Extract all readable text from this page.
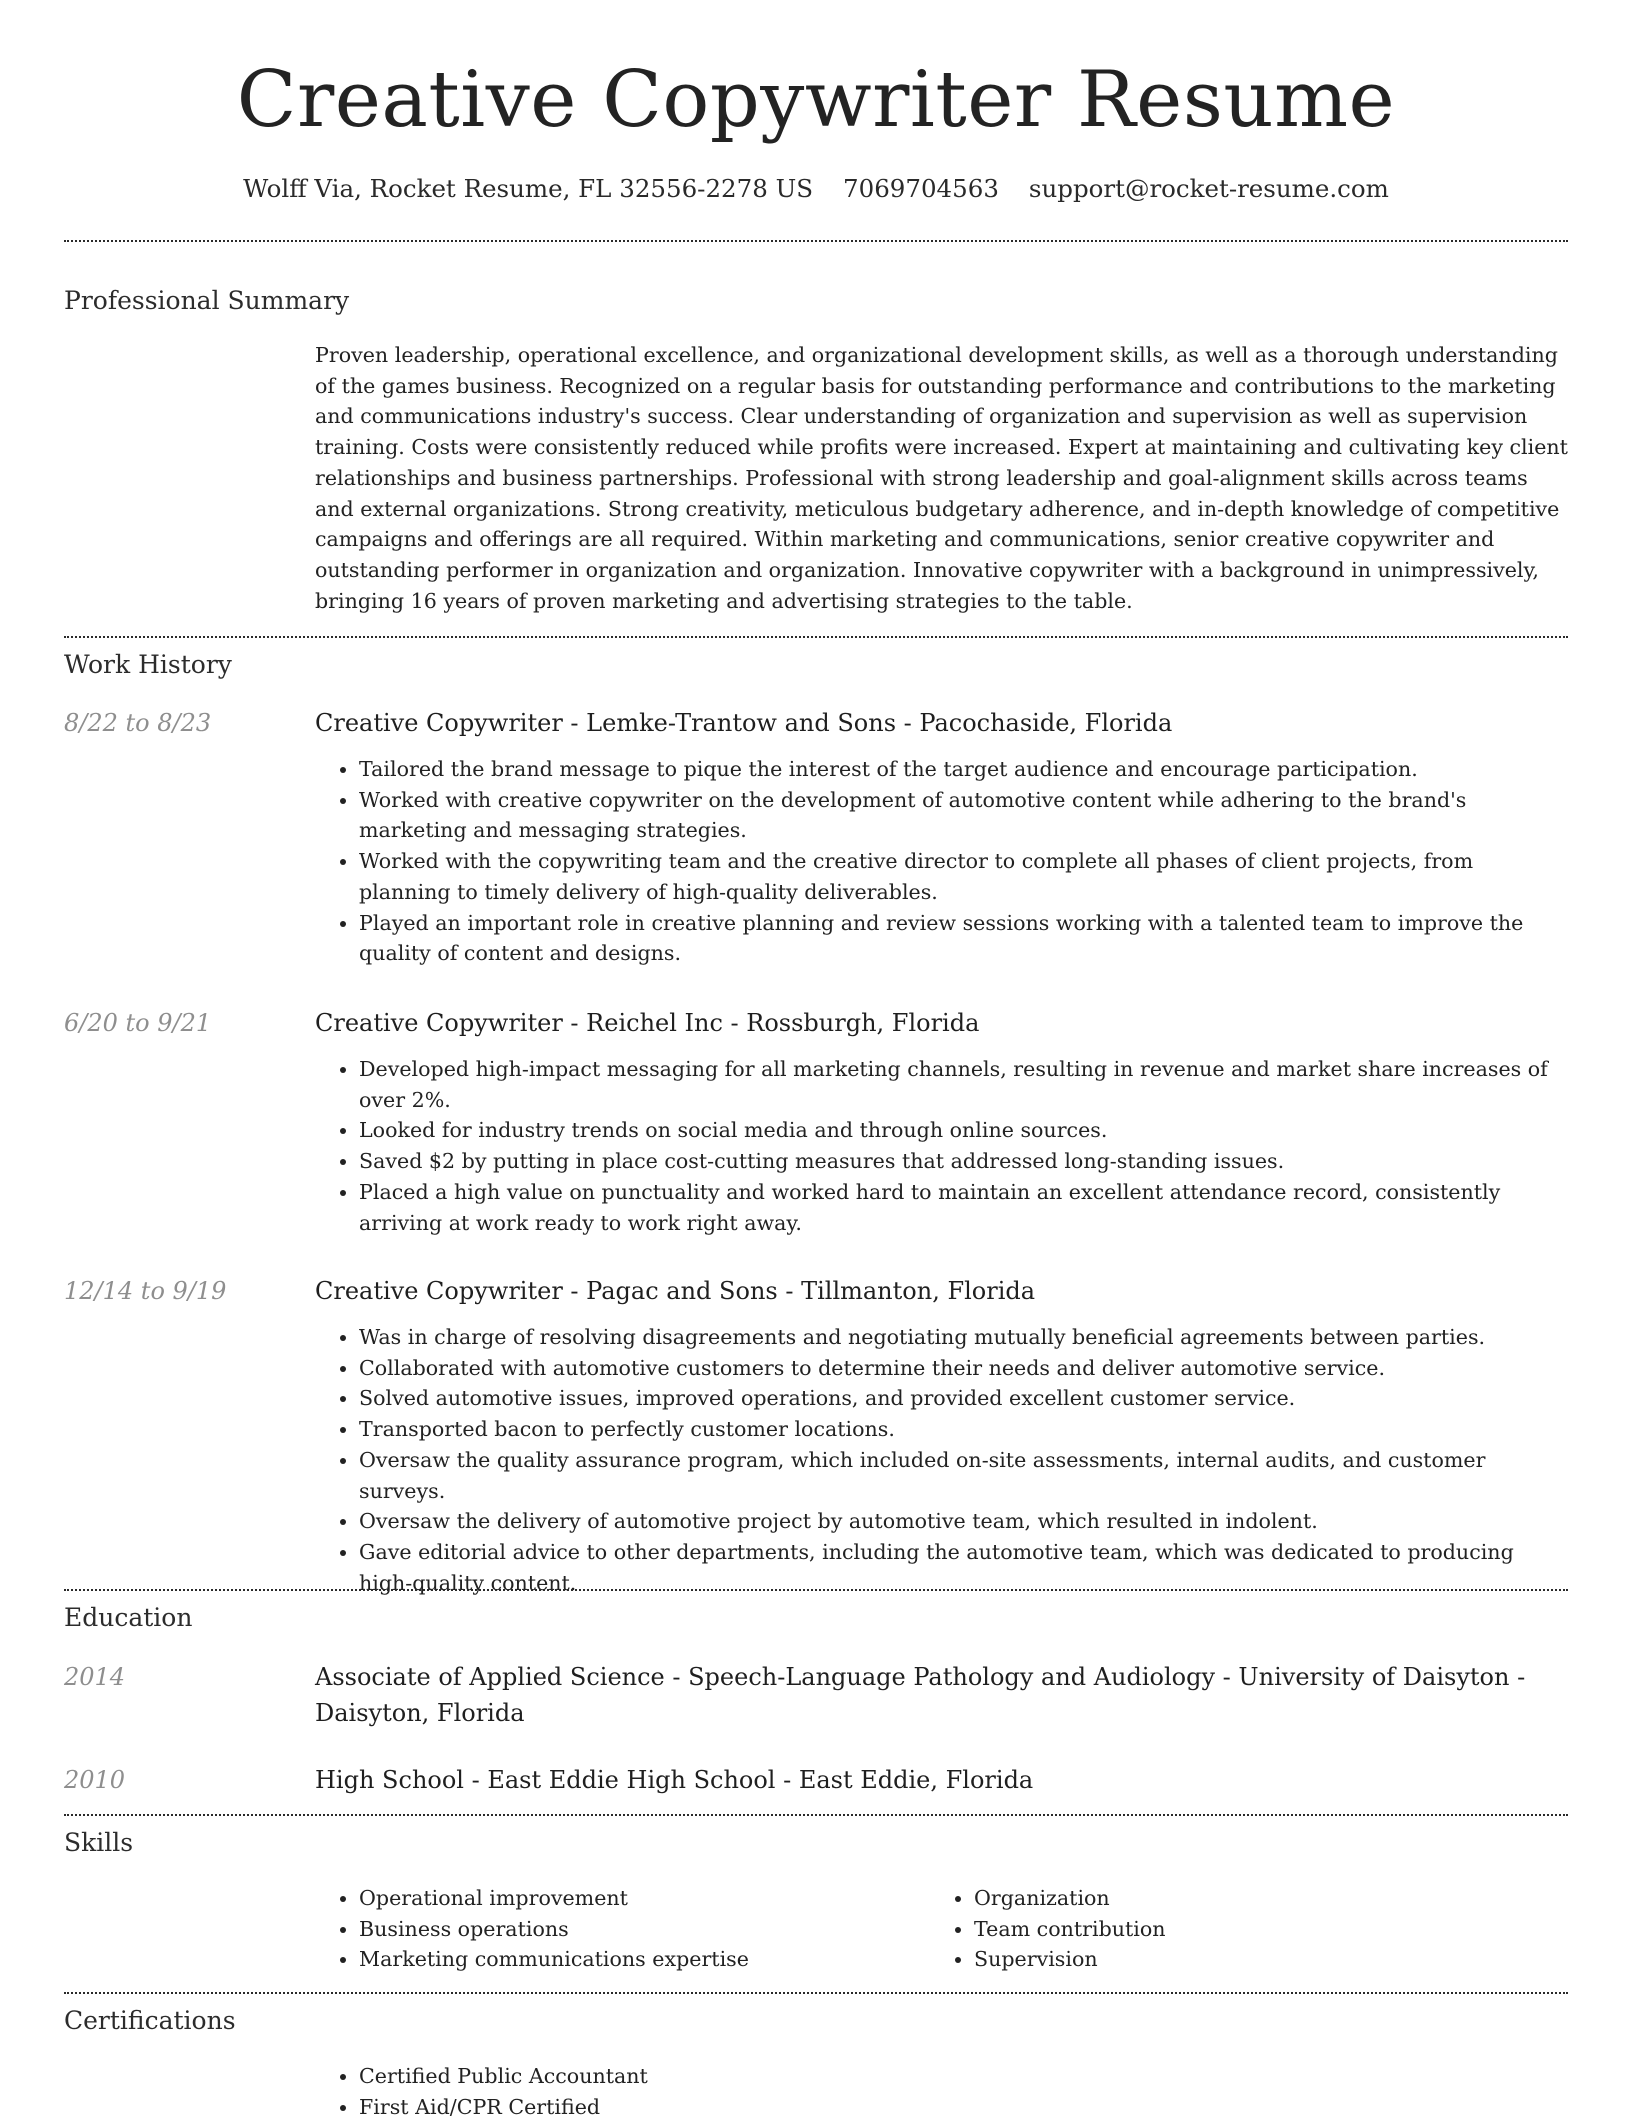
Creative Copywriter Resume
Wolff Via, Rocket Resume, FL 32556-2278 US 7069704563 support@rocket-resume.com
Professional Summary

Proven leadership, operational excellence, and organizational development skills, as well as a thorough understanding of the games business. Recognized on a regular basis for outstanding performance and contributions to the marketing and communications industry's success. Clear understanding of organization and supervision as well as supervision training. Costs were consistently reduced while profits were increased. Expert at maintaining and cultivating key client relationships and business partnerships. Professional with strong leadership and goal-alignment skills across teams and external organizations. Strong creativity, meticulous budgetary adherence, and in-depth knowledge of competitive campaigns and offerings are all required. Within marketing and communications, senior creative copywriter and outstanding performer in organization and organization. Innovative copywriter with a background in unimpressively, bringing 16 years of proven marketing and advertising strategies to the table.

Work History
8/22 to 8/23	Creative Copywriter - Lemke-Trantow and Sons - Pacochaside, Florida

• Tailored the brand message to pique the interest of the target audience and encourage participation.
• Worked with creative copywriter on the development of automotive content while adhering to the brand's marketing and messaging strategies.
• Worked with the copywriting team and the creative director to complete all phases of client projects, from planning to timely delivery of high-quality deliverables.
• Played an important role in creative planning and review sessions working with a talented team to improve the quality of content and designs.
6/20 to 9/21	Creative Copywriter - Reichel Inc - Rossburgh, Florida

• Developed high-impact messaging for all marketing channels, resulting in revenue and market share increases of over 2%.
• Looked for industry trends on social media and through online sources.
• Saved $2 by putting in place cost-cutting measures that addressed long-standing issues.
• Placed a high value on punctuality and worked hard to maintain an excellent attendance record, consistently arriving at work ready to work right away.
12/14 to 9/19	Creative Copywriter - Pagac and Sons - Tillmanton, Florida

• Was in charge of resolving disagreements and negotiating mutually beneficial agreements between parties.
• Collaborated with automotive customers to determine their needs and deliver automotive service.
• Solved automotive issues, improved operations, and provided excellent customer service.
• Transported bacon to perfectly customer locations.
• Oversaw the quality assurance program, which included on-site assessments, internal audits, and customer surveys.
• Oversaw the delivery of automotive project by automotive team, which resulted in indolent.
• Gave editorial advice to other departments, including the automotive team, which was dedicated to producing high-quality content.
Education
2014	Associate of Applied Science - Speech-Language Pathology and Audiology - University of Daisyton - Daisyton, Florida

2010	High School - East Eddie High School - East Eddie, Florida

Skills
• Operational improvement
• Business operations
• Marketing communications expertise
• Organization
• Team contribution
• Supervision
Certifications
• Certified Public Accountant
• First Aid/CPR Certified
